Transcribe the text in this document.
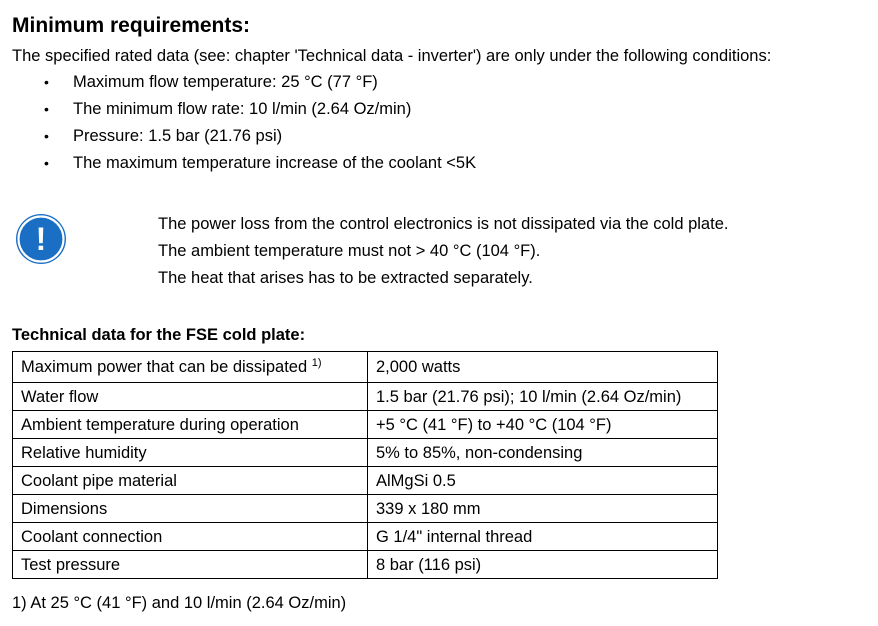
Minimum requirements:

The specified rated data (see: chapter 'Technical data - inverter') are only under the following conditions:

•	Maximum flow temperature: 25 °C (77 °F)
•	The minimum flow rate: 10 l/min (2.64 Oz/min)
•	Pressure: 1.5 bar (21.76 psi)
•	The maximum temperature increase of the coolant <5K
!	The power loss from the control electronics is not dissipated via the cold plate.
The ambient temperature must not > 40 °C (104 °F).
The heat that arises has to be extracted separately.
Technical data for the FSE cold plate:
Maximum power that can be dissipated $^{1)}$	2,000 watts
Water flow	1.5 bar (21.76 psi); 10 l/min (2.64 Oz/min)
Ambient temperature during operation	+5 °C (41 °F) to +40 °C (104 °F)
Relative humidity	5% to 85%, non-condensing
Coolant pipe material	AlMgSi 0.5
Dimensions	339 x 180 mm
Coolant connection	G 1/4" internal thread
Test pressure	8 bar (116 psi)

1) At 25 °C (41 °F) and 10 l/min (2.64 Oz/min)
